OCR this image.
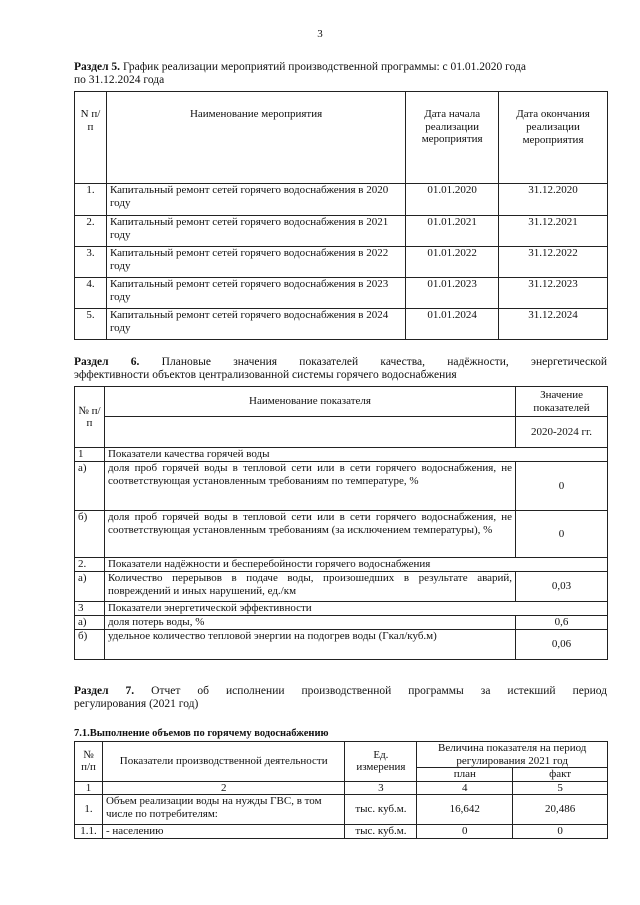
3
Раздел 5. График реализации мероприятий производственной программы: с 01.01.2020 года
по 31.12.2024 года
N п/п	Наименование мероприятия	Дата начала реализации мероприятия	Дата окончания реализации мероприятия
1.	Капитальный ремонт сетей горячего водоснабжения в 2020 году	01.01.2020	31.12.2020
2.	Капитальный ремонт сетей горячего водоснабжения в 2021 году	01.01.2021	31.12.2021
3.	Капитальный ремонт сетей горячего водоснабжения в 2022 году	01.01.2022	31.12.2022
4.	Капитальный ремонт сетей горячего водоснабжения в 2023 году	01.01.2023	31.12.2023
5.	Капитальный ремонт сетей горячего водоснабжения в 2024 году	01.01.2024	31.12.2024
Раздел 6. Плановые значения показателей качества, надёжности, энергетической
эффективности объектов централизованной системы горячего водоснабжения
№ п/п	Наименование показателя	Значение показателей
		2020-2024 гг.
1	Показатели качества горячей воды	
а)	доля проб горячей воды в тепловой сети или в сети горячего водоснабжения, не соответствующая установленным требованиям по температуре, %	0
б)	доля проб горячей воды в тепловой сети или в сети горячего водоснабжения, не соответствующая установленным требованиям (за исключением температуры), %	0
2.	Показатели надёжности и бесперебойности горячего водоснабжения	
а)	Количество перерывов в подаче воды, произошедших в результате аварий, повреждений и иных нарушений, ед./км	0,03
3	Показатели энергетической эффективности	
а)	доля потерь воды, %	0,6
б)	удельное количество тепловой энергии на подогрев воды (Гкал/куб.м)	0,06
Раздел 7. Отчет об исполнении производственной программы за истекший период
регулирования (2021 год)
7.1.Выполнение объемов по горячему водоснабжению
№ п/п	Показатели производственной деятельности	Ед. измерения	Величина показателя на период регулирования 2021 год	
			план	факт
1	2	3	4	5
1.	Объем реализации воды на нужды ГВС, в том числе по потребителям:	тыс. куб.м.	16,642	20,486
1.1.	- населению	тыс. куб.м.	0	0
